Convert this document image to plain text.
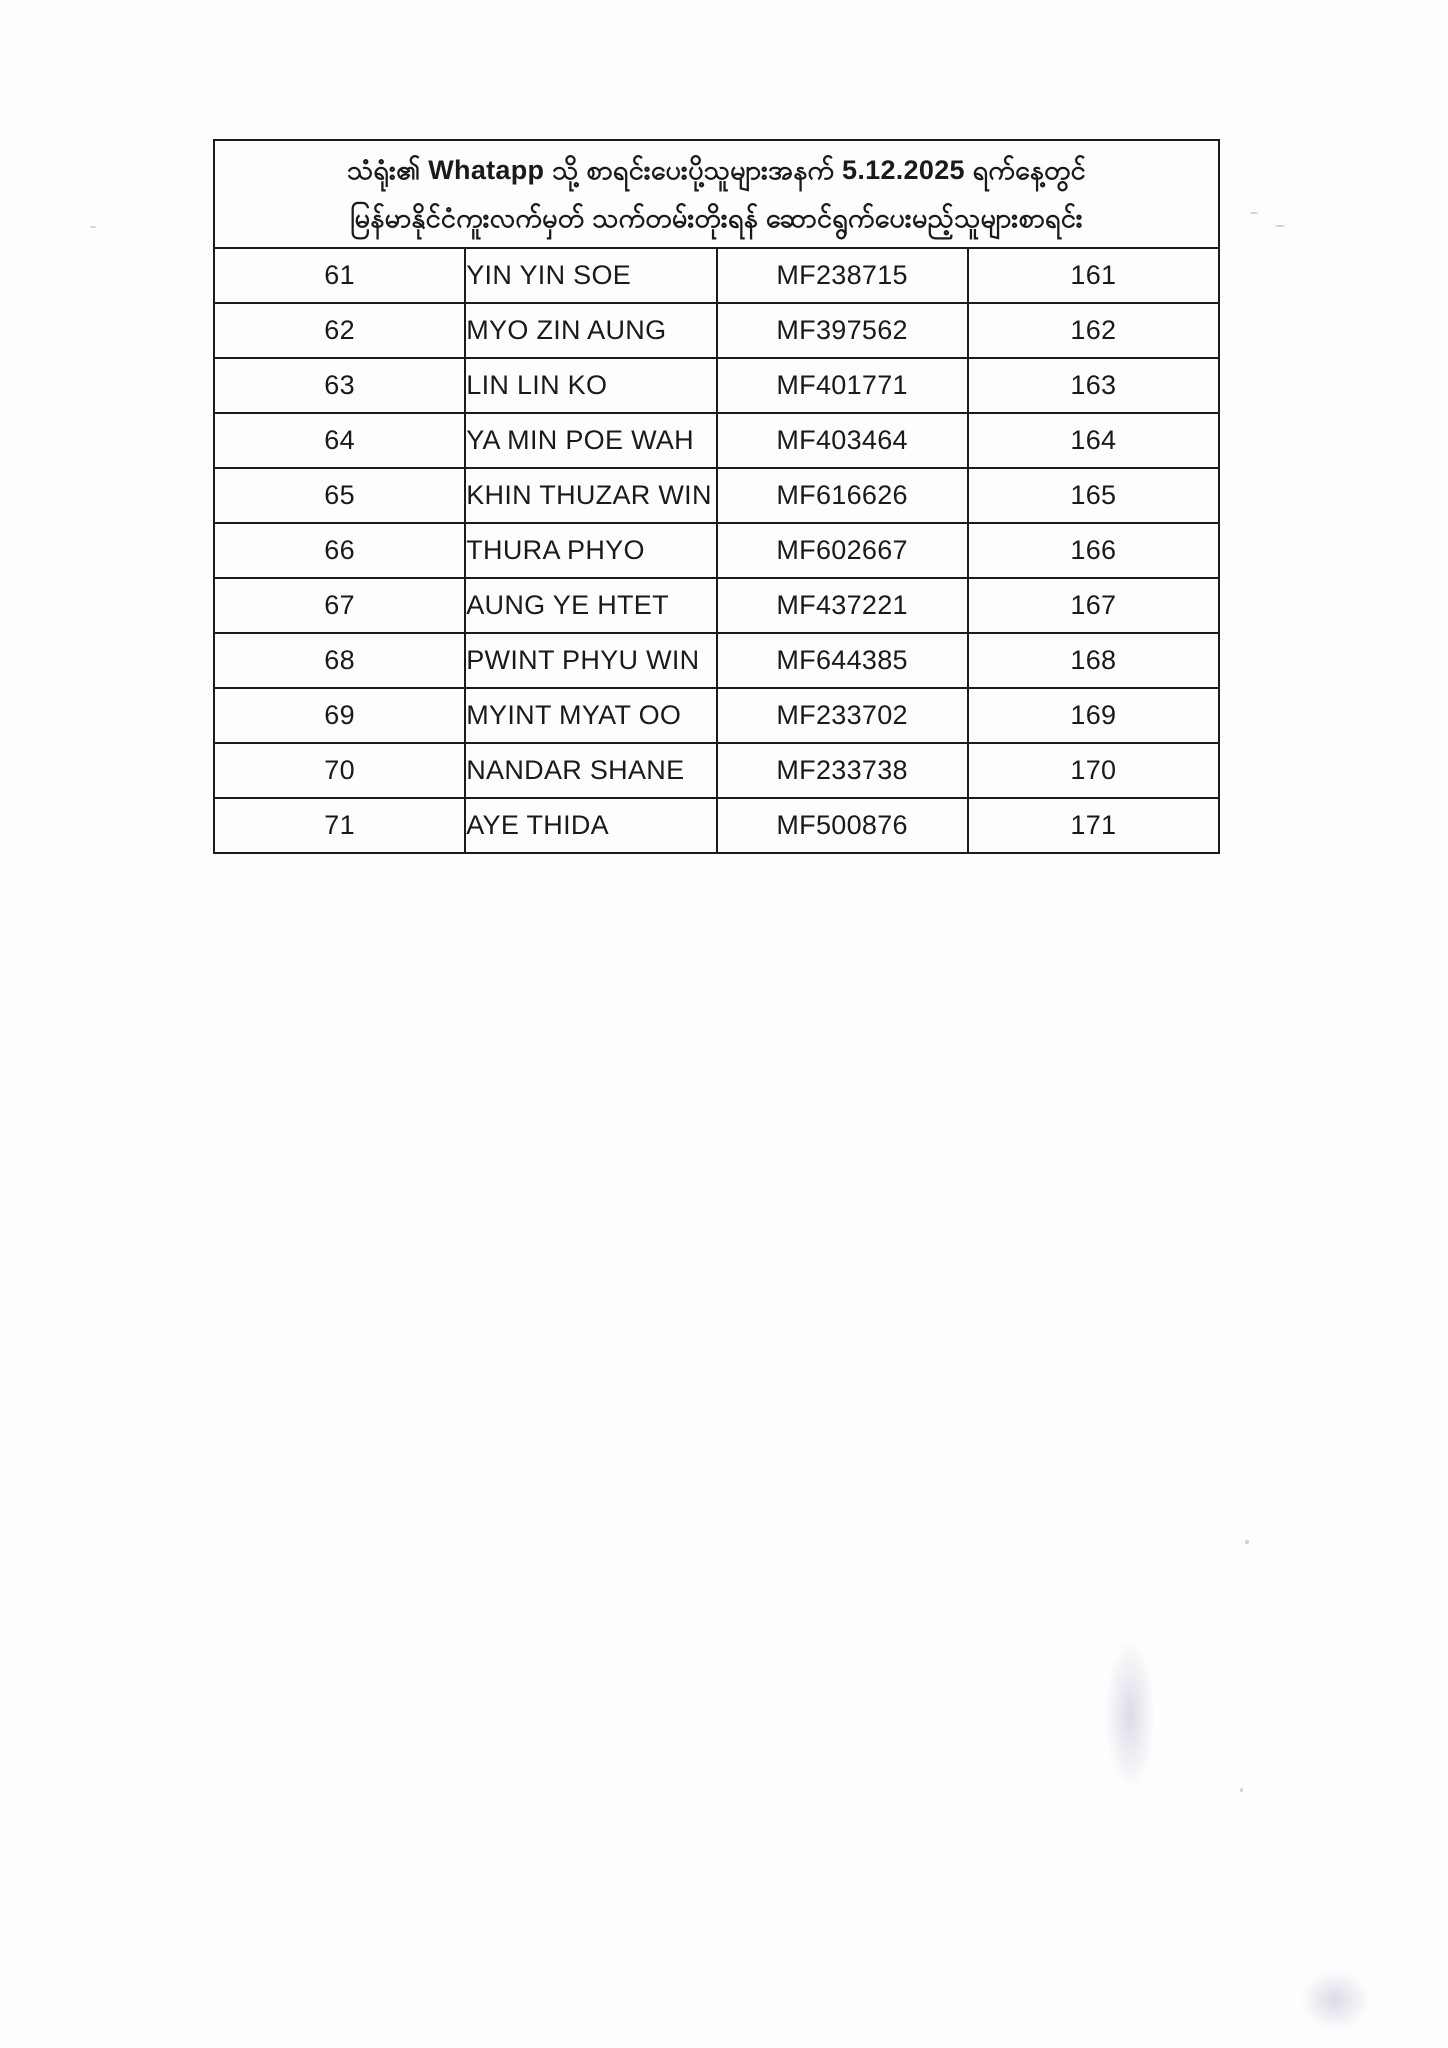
သံရုံး၏ Whatapp သို့ စာရင်းပေးပို့သူများအနက် 5.12.2025 ရက်နေ့တွင်
မြန်မာနိုင်ငံကူးလက်မှတ် သက်တမ်းတိုးရန် ဆောင်ရွက်ပေးမည့်သူများစာရင်း			

61	YIN YIN SOE	MF238715	161
62	MYO ZIN AUNG	MF397562	162
63	LIN LIN KO	MF401771	163
64	YA MIN POE WAH	MF403464	164
65	KHIN THUZAR WIN	MF616626	165
66	THURA PHYO	MF602667	166
67	AUNG YE HTET	MF437221	167
68	PWINT PHYU WIN	MF644385	168
69	MYINT MYAT OO	MF233702	169
70	NANDAR SHANE	MF233738	170
71	AYE THIDA	MF500876	171
